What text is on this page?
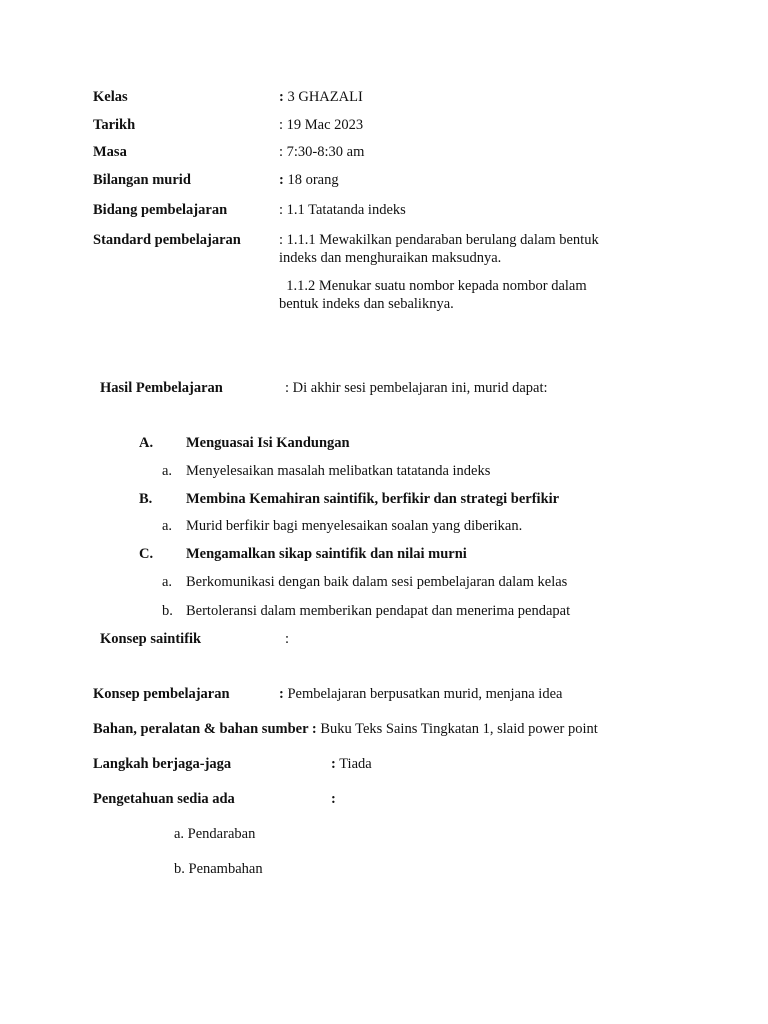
Kelas	: 3 GHAZALI
Tarikh	: 19 Mac 2023
Masa	: 7:30-8:30 am
Bilangan murid	: 18 orang
Bidang pembelajaran	: 1.1 Tatatanda indeks
Standard pembelajaran	: 1.1.1 Mewakilkan pendaraban berulang dalam bentuk indeks dan menghuraikan maksudnya.
1.1.2 Menukar suatu nombor kepada nombor dalam bentuk indeks dan sebaliknya.
Hasil Pembelajaran	: Di akhir sesi pembelajaran ini, murid dapat:
A. Menguasai Isi Kandungan
a. Menyelesaikan masalah melibatkan tatatanda indeks
B. Membina Kemahiran saintifik, berfikir dan strategi berfikir
a. Murid berfikir bagi menyelesaikan soalan yang diberikan.
C. Mengamalkan sikap saintifik dan nilai murni
a. Berkomunikasi dengan baik dalam sesi pembelajaran dalam kelas
b. Bertoleransi dalam memberikan pendapat dan menerima pendapat
Konsep saintifik	:
Konsep pembelajaran	: Pembelajaran berpusatkan murid, menjana idea
Bahan, peralatan & bahan sumber : Buku Teks Sains Tingkatan 1, slaid power point
Langkah berjaga-jaga	: Tiada
Pengetahuan sedia ada	:
a. Pendaraban
b. Penambahan
